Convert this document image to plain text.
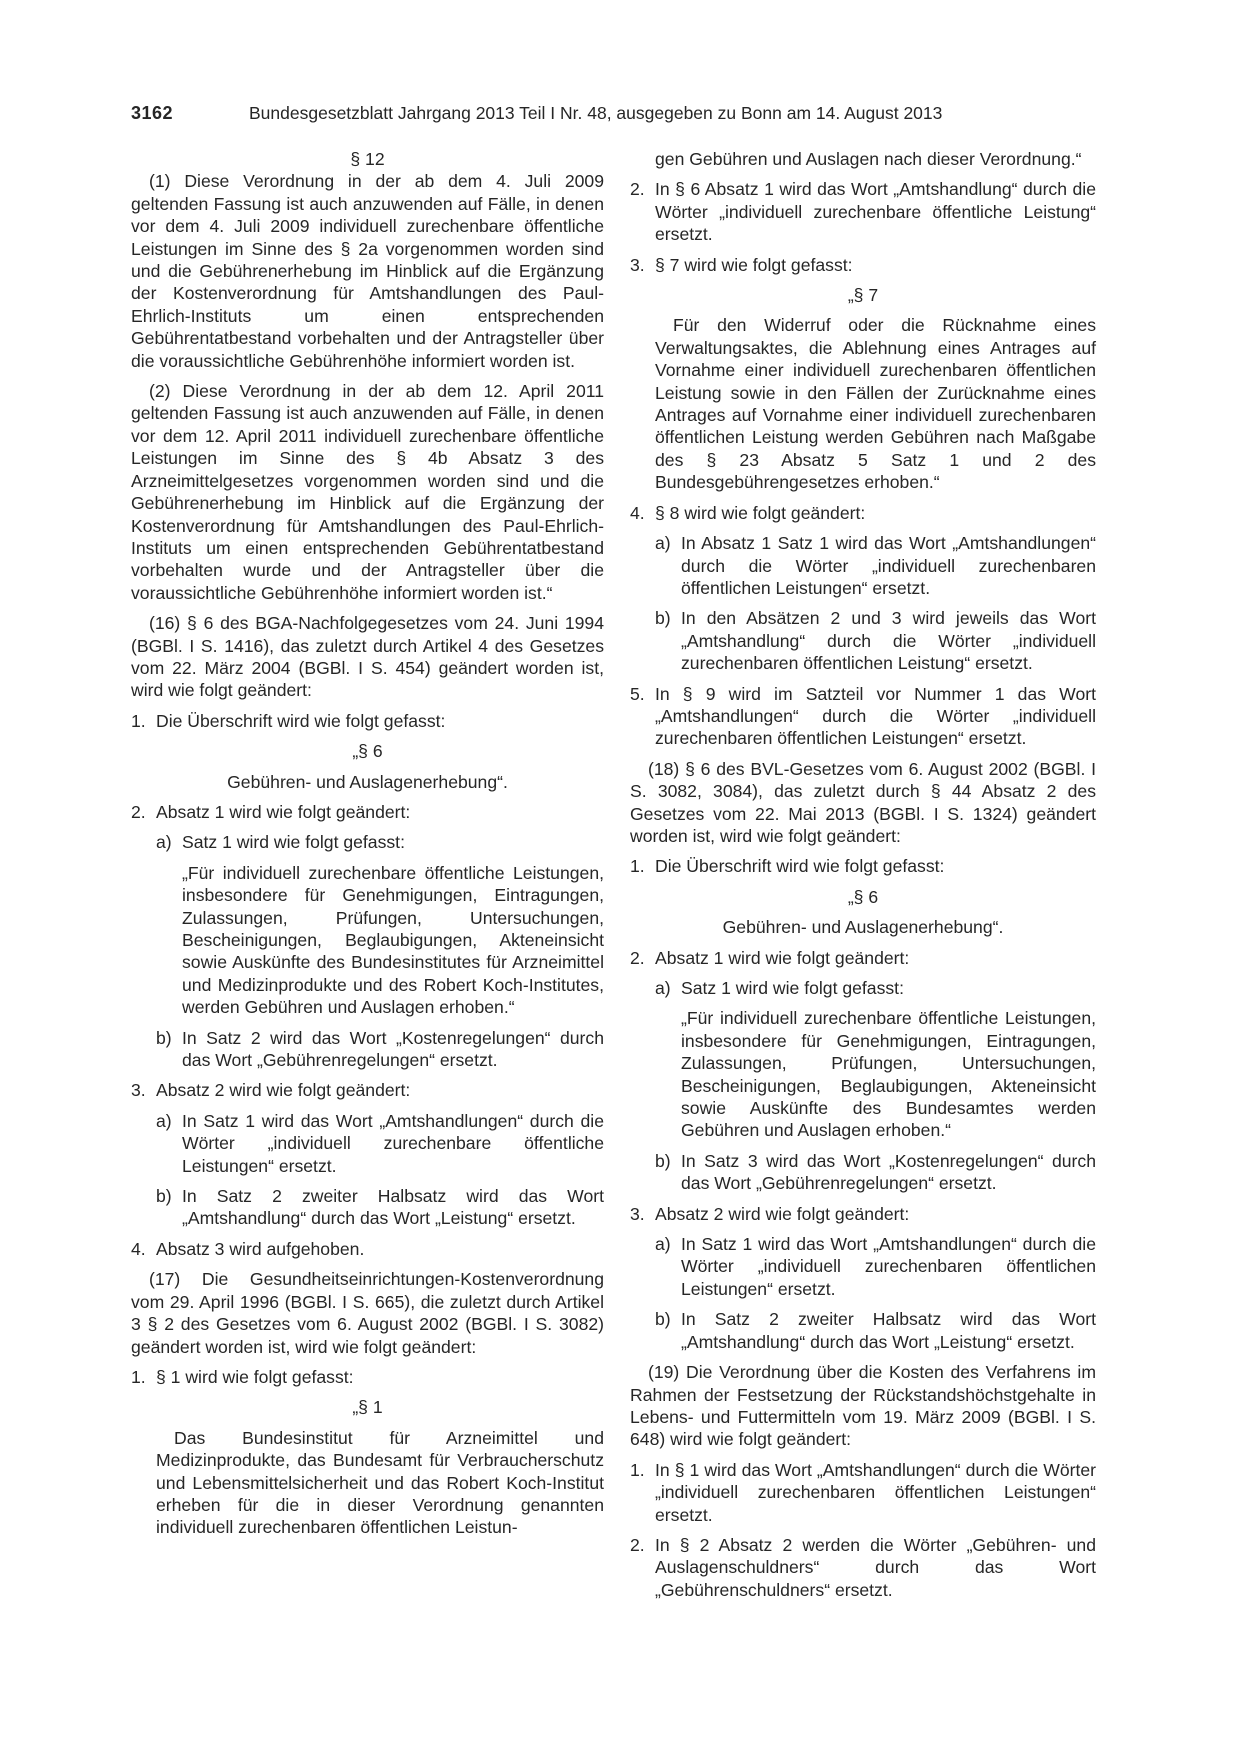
3162	Bundesgesetzblatt Jahrgang 2013 Teil I Nr. 48, ausgegeben zu Bonn am 14. August 2013

§ 12

(1) Diese Verordnung in der ab dem 4. Juli 2009 geltenden Fassung ist auch anzuwenden auf Fälle, in denen vor dem 4. Juli 2009 individuell zurechenbare öffentliche Leistungen im Sinne des § 2a vorgenommen worden sind und die Gebührenerhebung im Hinblick auf die Ergänzung der Kostenverordnung für Amtshandlungen des Paul-Ehrlich-Instituts um einen entsprechenden Gebührentatbestand vorbehalten und der Antragsteller über die voraussichtliche Gebührenhöhe informiert worden ist.

(2) Diese Verordnung in der ab dem 12. April 2011 geltenden Fassung ist auch anzuwenden auf Fälle, in denen vor dem 12. April 2011 individuell zurechenbare öffentliche Leistungen im Sinne des § 4b Absatz 3 des Arzneimittelgesetzes vorgenommen worden sind und die Gebührenerhebung im Hinblick auf die Ergänzung der Kostenverordnung für Amtshandlungen des Paul-Ehrlich-Instituts um einen entsprechenden Gebührentatbestand vorbehalten wurde und der Antragsteller über die voraussichtliche Gebührenhöhe informiert worden ist.“

(16) § 6 des BGA-Nachfolgegesetzes vom 24. Juni 1994 (BGBl. I S. 1416), das zuletzt durch Artikel 4 des Gesetzes vom 22. März 2004 (BGBl. I S. 454) geändert worden ist, wird wie folgt geändert:

1. Die Überschrift wird wie folgt gefasst:

„§ 6

Gebühren- und Auslagenerhebung“.

2. Absatz 1 wird wie folgt geändert:
a) Satz 1 wird wie folgt gefasst:

„Für individuell zurechenbare öffentliche Leistungen, insbesondere für Genehmigungen, Eintragungen, Zulassungen, Prüfungen, Untersuchungen, Bescheinigungen, Beglaubigungen, Akteneinsicht sowie Auskünfte des Bundesinstitutes für Arzneimittel und Medizinprodukte und des Robert Koch-Institutes, werden Gebühren und Auslagen erhoben.“

b) In Satz 2 wird das Wort „Kostenregelungen“ durch das Wort „Gebührenregelungen“ ersetzt.
3. Absatz 2 wird wie folgt geändert:
a) In Satz 1 wird das Wort „Amtshandlungen“ durch die Wörter „individuell zurechenbare öffentliche Leistungen“ ersetzt.
b) In Satz 2 zweiter Halbsatz wird das Wort „Amtshandlung“ durch das Wort „Leistung“ ersetzt.
4. Absatz 3 wird aufgehoben.

(17) Die Gesundheitseinrichtungen-Kostenverordnung vom 29. April 1996 (BGBl. I S. 665), die zuletzt durch Artikel 3 § 2 des Gesetzes vom 6. August 2002 (BGBl. I S. 3082) geändert worden ist, wird wie folgt geändert:

1. § 1 wird wie folgt gefasst:

„§ 1

Das Bundesinstitut für Arzneimittel und Medizinprodukte, das Bundesamt für Verbraucherschutz und Lebensmittelsicherheit und das Robert Koch-Institut erheben für die in dieser Verordnung genannten individuell zurechenbaren öffentlichen Leistun-

gen Gebühren und Auslagen nach dieser Verordnung.“

2. In § 6 Absatz 1 wird das Wort „Amtshandlung“ durch die Wörter „individuell zurechenbare öffentliche Leistung“ ersetzt.
3. § 7 wird wie folgt gefasst:

„§ 7

Für den Widerruf oder die Rücknahme eines Verwaltungsaktes, die Ablehnung eines Antrages auf Vornahme einer individuell zurechenbaren öffentlichen Leistung sowie in den Fällen der Zurücknahme eines Antrages auf Vornahme einer individuell zurechenbaren öffentlichen Leistung werden Gebühren nach Maßgabe des § 23 Absatz 5 Satz 1 und 2 des Bundesgebührengesetzes erhoben.“

4. § 8 wird wie folgt geändert:
a) In Absatz 1 Satz 1 wird das Wort „Amtshandlungen“ durch die Wörter „individuell zurechenbaren öffentlichen Leistungen“ ersetzt.
b) In den Absätzen 2 und 3 wird jeweils das Wort „Amtshandlung“ durch die Wörter „individuell zurechenbaren öffentlichen Leistung“ ersetzt.
5. In § 9 wird im Satzteil vor Nummer 1 das Wort „Amtshandlungen“ durch die Wörter „individuell zurechenbaren öffentlichen Leistungen“ ersetzt.

(18) § 6 des BVL-Gesetzes vom 6. August 2002 (BGBl. I S. 3082, 3084), das zuletzt durch § 44 Absatz 2 des Gesetzes vom 22. Mai 2013 (BGBl. I S. 1324) geändert worden ist, wird wie folgt geändert:

1. Die Überschrift wird wie folgt gefasst:

„§ 6

Gebühren- und Auslagenerhebung“.

2. Absatz 1 wird wie folgt geändert:
a) Satz 1 wird wie folgt gefasst:

„Für individuell zurechenbare öffentliche Leistungen, insbesondere für Genehmigungen, Eintragungen, Zulassungen, Prüfungen, Untersuchungen, Bescheinigungen, Beglaubigungen, Akteneinsicht sowie Auskünfte des Bundesamtes werden Gebühren und Auslagen erhoben.“

b) In Satz 3 wird das Wort „Kostenregelungen“ durch das Wort „Gebührenregelungen“ ersetzt.
3. Absatz 2 wird wie folgt geändert:
a) In Satz 1 wird das Wort „Amtshandlungen“ durch die Wörter „individuell zurechenbaren öffentlichen Leistungen“ ersetzt.
b) In Satz 2 zweiter Halbsatz wird das Wort „Amtshandlung“ durch das Wort „Leistung“ ersetzt.

(19) Die Verordnung über die Kosten des Verfahrens im Rahmen der Festsetzung der Rückstandshöchstgehalte in Lebens- und Futtermitteln vom 19. März 2009 (BGBl. I S. 648) wird wie folgt geändert:

1. In § 1 wird das Wort „Amtshandlungen“ durch die Wörter „individuell zurechenbaren öffentlichen Leistungen“ ersetzt.
2. In § 2 Absatz 2 werden die Wörter „Gebühren- und Auslagenschuldners“ durch das Wort „Gebührenschuldners“ ersetzt.
